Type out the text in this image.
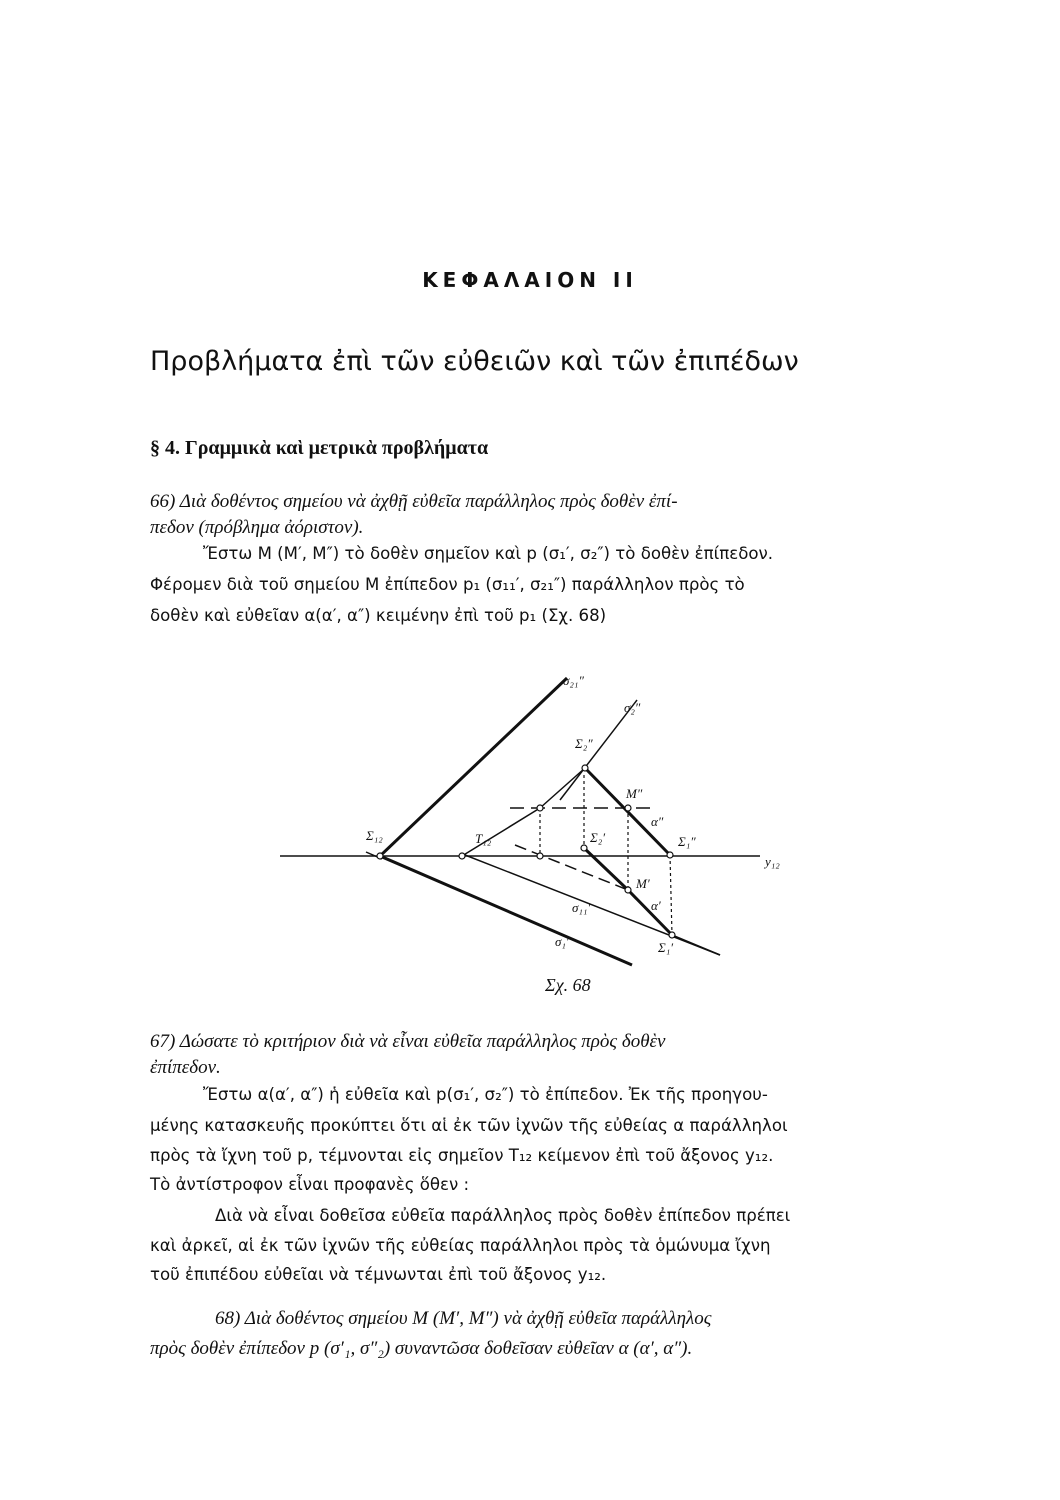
ΚΕΦΑΛΑΙΟΝ ΙΙ
Προβλήματα ἐπὶ τῶν εὐθειῶν καὶ τῶν ἐπιπέδων
§ 4. Γραμμικὰ καὶ μετρικὰ προβλήματα
66) Διὰ δοθέντος σημείου νὰ ἀχθῇ εὐθεῖα παράλληλος πρὸς δοθὲν ἐπί-
πεδον (πρόβλημα ἀόριστον).
Ἔστω Μ (Μ′, Μ″) τὸ δοθὲν σημεῖον καὶ p (σ₁′, σ₂″) τὸ δοθὲν ἐπίπεδον.
Φέρομεν διὰ τοῦ σημείου Μ ἐπίπεδον p₁ (σ₁₁′, σ₂₁″) παράλληλον πρὸς τὸ
δοθὲν καὶ εὐθεῖαν α(α′, α″) κειμένην ἐπὶ τοῦ p₁ (Σχ. 68)
σ₂₁″
σ₂″
Σ₂″
M″
α″
Σ₁₂	T₁₂	Σ₂′	Σ₁″
y₁₂
M′
α′
σ₁₁′
σ₁′	Σ₁′
Σχ. 68
67) Δώσατε τὸ κριτήριον διὰ νὰ εἶναι εὐθεῖα παράλληλος πρὸς δοθὲν
ἐπίπεδον.
Ἔστω α(α′, α″) ἡ εὐθεῖα καὶ p(σ₁′, σ₂″) τὸ ἐπίπεδον. Ἐκ τῆς προηγου-
μένης κατασκευῆς προκύπτει ὅτι αἱ ἐκ τῶν ἰχνῶν τῆς εὐθείας α παράλληλοι
πρὸς τὰ ἴχνη τοῦ p, τέμνονται εἰς σημεῖον Τ₁₂ κείμενον ἐπὶ τοῦ ἄξονος y₁₂.
Τὸ ἀντίστροφον εἶναι προφανὲς ὅθεν :
Διὰ νὰ εἶναι δοθεῖσα εὐθεῖα παράλληλος πρὸς δοθὲν ἐπίπεδον πρέπει
καὶ ἀρκεῖ, αἱ ἐκ τῶν ἰχνῶν τῆς εὐθείας παράλληλοι πρὸς τὰ ὁμώνυμα ἴχνη
τοῦ ἐπιπέδου εὐθεῖαι νὰ τέμνωνται ἐπὶ τοῦ ἄξονος y₁₂.
68) Διὰ δοθέντος σημείου Μ (Μ′, Μ″) νὰ ἀχθῇ εὐθεῖα παράλληλος
πρὸς δοθὲν ἐπίπεδον p (σ′₁, σ″₂) συναντῶσα δοθεῖσαν εὐθεῖαν α (α′, α″).
